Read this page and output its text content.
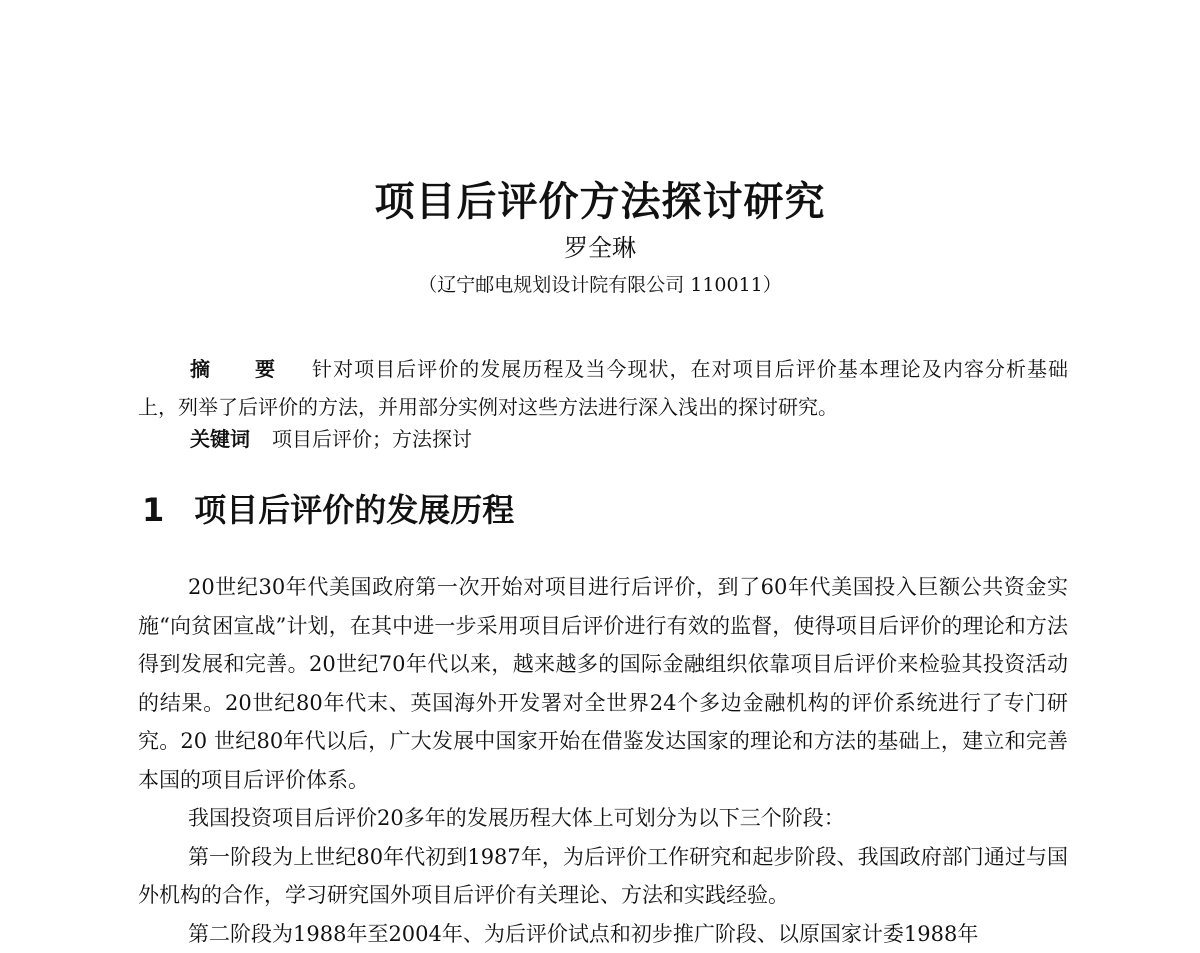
项目后评价方法探讨研究
罗全琳
（辽宁邮电规划设计院有限公司 110011）

摘 要 针对项目后评价的发展历程及当今现状，在对项目后评价基本理论及内容分析基础上，列举了后评价的方法，并用部分实例对这些方法进行深入浅出的探讨研究。

关键词 项目后评价；方法探讨

1 项目后评价的发展历程

20世纪30年代美国政府第一次开始对项目进行后评价，到了60年代美国投入巨额公共资金实施“向贫困宣战”计划，在其中进一步采用项目后评价进行有效的监督，使得项目后评价的理论和方法得到发展和完善。20世纪70年代以来，越来越多的国际金融组织依靠项目后评价来检验其投资活动的结果。20世纪80年代末、英国海外开发署对全世界24个多边金融机构的评价系统进行了专门研究。20 世纪80年代以后，广大发展中国家开始在借鉴发达国家的理论和方法的基础上，建立和完善本国的项目后评价体系。

我国投资项目后评价20多年的发展历程大体上可划分为以下三个阶段：

第一阶段为上世纪80年代初到1987年，为后评价工作研究和起步阶段、我国政府部门通过与国外机构的合作，学习研究国外项目后评价有关理论、方法和实践经验。

第二阶段为1988年至2004年、为后评价试点和初步推广阶段、以原国家计委1988年
